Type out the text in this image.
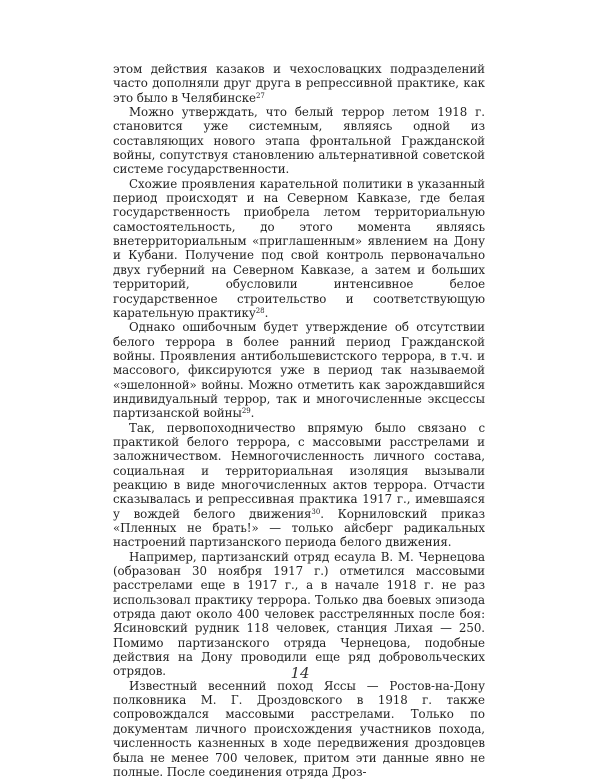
этом действия казаков и чехословацких подразделений часто дополняли друг друга в репрессивной практике, как это было в Челябинске$^{27}$

Можно утверждать, что белый террор летом 1918 г. становится уже системным, являясь одной из составляющих нового этапа фронтальной Гражданской войны, сопутствуя становлению альтернативной советской системе государственности.

Схожие проявления карательной политики в указанный период происходят и на Северном Кавказе, где белая государственность приобрела летом территориальную самостоятельность, до этого момента являясь внетерриториальным «приглашенным» явлением на Дону и Кубани. Получение под свой контроль первоначально двух губерний на Северном Кавказе, а затем и больших территорий, обусловили интенсивное белое государственное строительство и соответствующую карательную практику$^{28}$.

Однако ошибочным будет утверждение об отсутствии белого террора в более ранний период Гражданской войны. Проявления антибольшевистского террора, в т.ч. и массового, фиксируются уже в период так называемой «эшелонной» войны. Можно отметить как зарождавшийся индивидуальный террор, так и многочисленные эксцессы партизанской войны$^{29}$.

Так, первопоходничество впрямую было связано с практикой белого террора, с массовыми расстрелами и заложничеством. Немногочисленность личного состава, социальная и территориальная изоляция вызывали реакцию в виде многочисленных актов террора. Отчасти сказывалась и репрессивная практика 1917 г., имевшаяся у вождей белого движения$^{30}$. Корниловский приказ «Пленных не брать!» — только айсберг радикальных настроений партизанского периода белого движения.

Например, партизанский отряд есаула В. М. Чернецова (образован 30 ноября 1917 г.) отметился массовыми расстрелами еще в 1917 г., а в начале 1918 г. не раз использовал практику террора. Только два боевых эпизода отряда дают около 400 человек расстрелянных после боя: Ясиновский рудник 118 человек, станция Лихая — 250. Помимо партизанского отряда Чернецова, подобные действия на Дону проводили еще ряд добровольческих отрядов.

Известный весенний поход Яссы — Ростов-на-Дону полковника М. Г. Дроздовского в 1918 г. также сопровождался массовыми расстрелами. Только по документам личного происхождения участников похода, численность казненных в ходе передвижения дроздовцев была не менее 700 человек, притом эти данные явно не полные. После соединения отряда Дроз-

14
